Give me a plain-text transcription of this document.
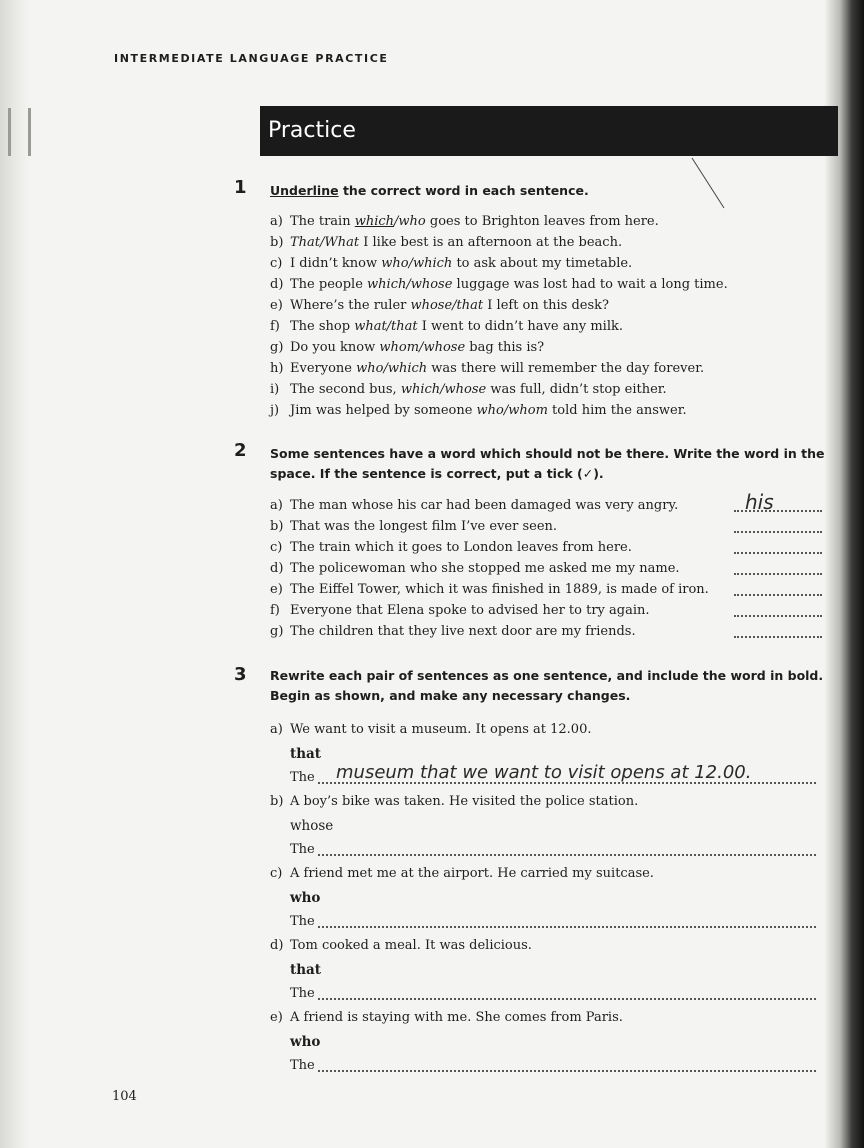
INTERMEDIATE LANGUAGE PRACTICE
Practice
1 Underline the correct word in each sentence.
a) The train which/who goes to Brighton leaves from here.
b) That/What I like best is an afternoon at the beach.
c) I didn’t know who/which to ask about my timetable.
d) The people which/whose luggage was lost had to wait a long time.
e) Where’s the ruler whose/that I left on this desk?
f) The shop what/that I went to didn’t have any milk.
g) Do you know whom/whose bag this is?
h) Everyone who/which was there will remember the day forever.
i) The second bus, which/whose was full, didn’t stop either.
j) Jim was helped by someone who/whom told him the answer.
2 Some sentences have a word which should not be there. Write the word in the
space. If the sentence is correct, put a tick (✓).
a) The man whose his car had been damaged was very angry.
b) That was the longest film I’ve ever seen.
c) The train which it goes to London leaves from here.
d) The policewoman who she stopped me asked me my name.
e) The Eiffel Tower, which it was finished in 1889, is made of iron.
f) Everyone that Elena spoke to advised her to try again.
g) The children that they live next door are my friends.
his
3 Rewrite each pair of sentences as one sentence, and include the word in bold.
Begin as shown, and make any necessary changes.
a) We want to visit a museum. It opens at 12.00.
that
The
b) A boy’s bike was taken. He visited the police station.
whose
The
c) A friend met me at the airport. He carried my suitcase.
who
The
d) Tom cooked a meal. It was delicious.
that
The
e) A friend is staying with me. She comes from Paris.
who
The
museum that we want to visit opens at 12.00.
104
